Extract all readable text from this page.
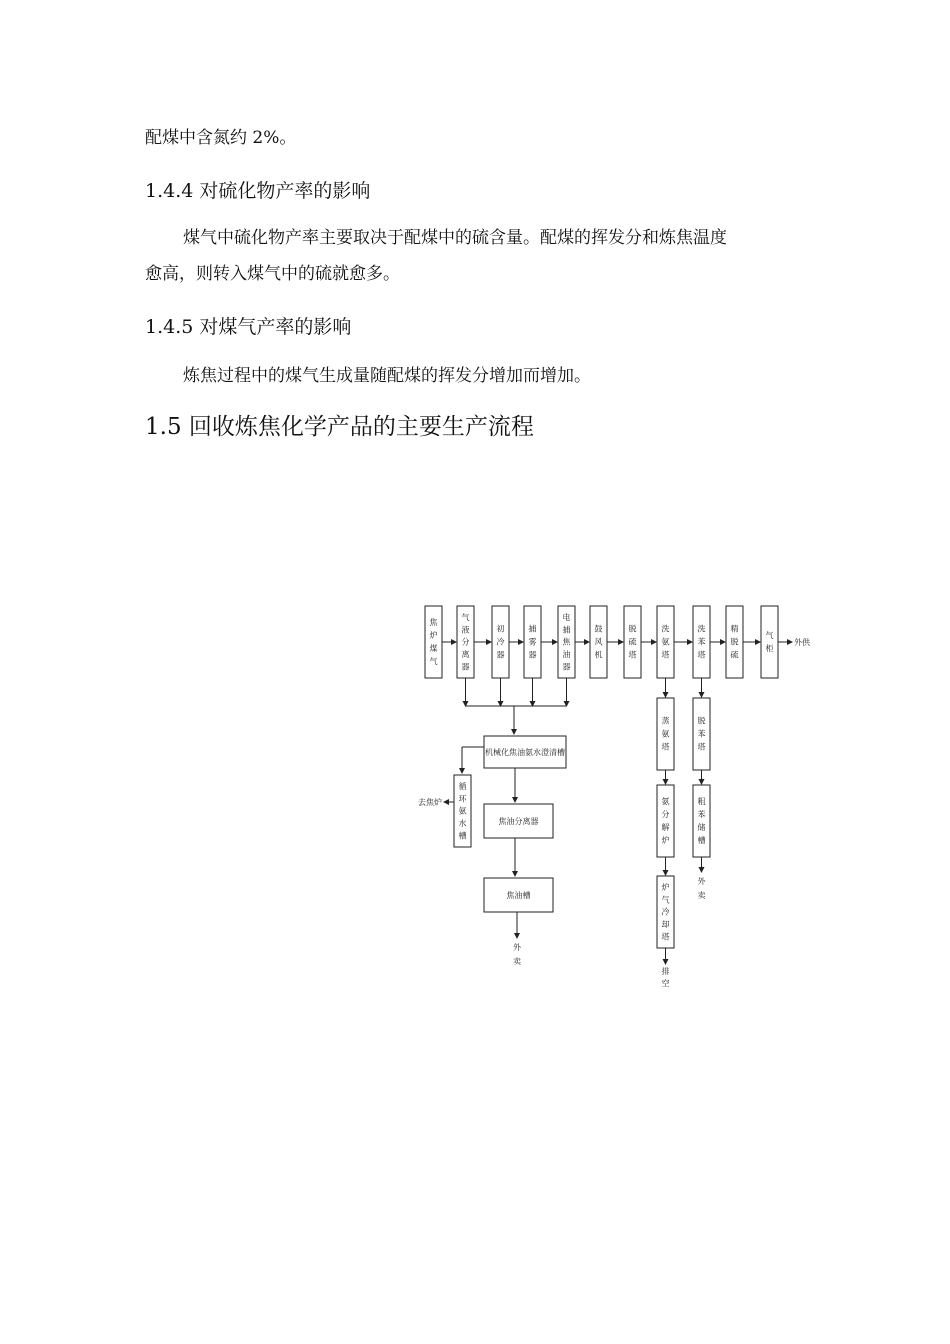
配煤中含氮约 2%。

1.4.4 对硫化物产率的影响

煤气中硫化物产率主要取决于配煤中的硫含量。配煤的挥发分和炼焦温度

愈高，则转入煤气中的硫就愈多。

1.4.5 对煤气产率的影响

炼焦过程中的煤气生成量随配煤的挥发分增加而增加。

1.5 回收炼焦化学产品的主要生产流程
焦
炉
煤
气
气
液
分
离
器
初
冷
器
捕
雾
器
电
捕
焦
油
器
鼓
风
机
脱
硫
塔
洗
氨
塔
洗
苯
塔
精
脱
硫
气
柜
外供
机械化焦油氨水澄清槽
循
环
氨
水
槽
去焦炉
焦油分离器
焦油槽
外
卖
蒸
氨
塔
氨
分
解
炉
炉
气
冷
却
塔
排
空
脱
苯
塔
粗
苯
储
槽
外
卖
